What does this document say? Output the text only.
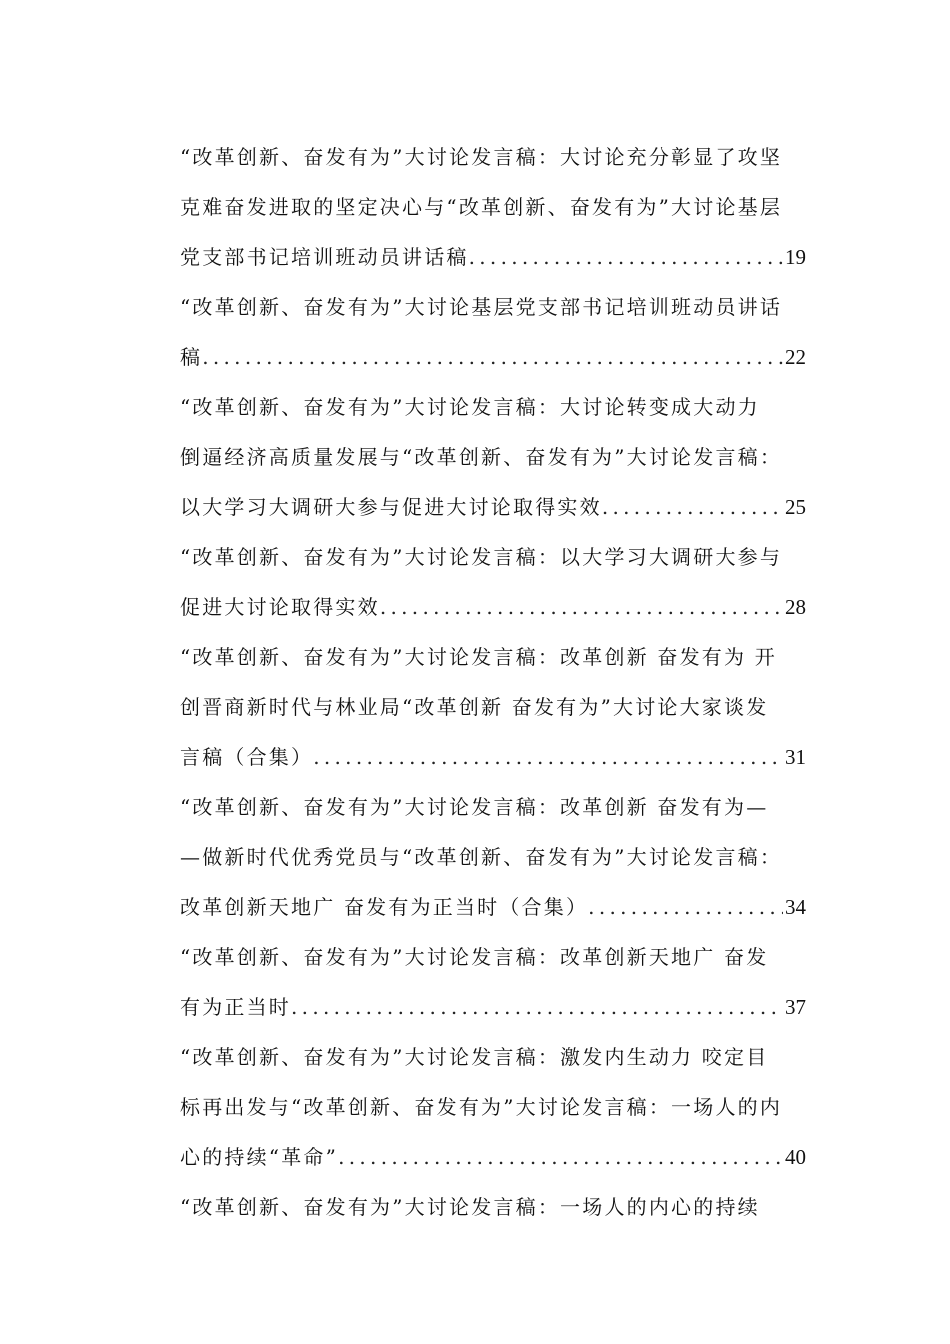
“改革创新、奋发有为”大讨论发言稿：大讨论充分彰显了攻坚
克难奋发进取的坚定决心与“改革创新、奋发有为”大讨论基层
党支部书记培训班动员讲话稿 .....	19
“改革创新、奋发有为”大讨论基层党支部书记培训班动员讲话
稿 .....	22
“改革创新、奋发有为”大讨论发言稿：大讨论转变成大动力
倒逼经济高质量发展与“改革创新、奋发有为”大讨论发言稿：
以大学习大调研大参与促进大讨论取得实效 .....	25
“改革创新、奋发有为”大讨论发言稿：以大学习大调研大参与
促进大讨论取得实效 .....	28
“改革创新、奋发有为”大讨论发言稿：改革创新 奋发有为 开
创晋商新时代与林业局“改革创新 奋发有为”大讨论大家谈发
言稿（合集） .....	31
“改革创新、奋发有为”大讨论发言稿：改革创新 奋发有为—
—做新时代优秀党员与“改革创新、奋发有为”大讨论发言稿：
改革创新天地广 奋发有为正当时（合集） .....	34
“改革创新、奋发有为”大讨论发言稿：改革创新天地广 奋发
有为正当时 .....	37
“改革创新、奋发有为”大讨论发言稿：激发内生动力 咬定目
标再出发与“改革创新、奋发有为”大讨论发言稿：一场人的内
心的持续“革命” .....	40
“改革创新、奋发有为”大讨论发言稿：一场人的内心的持续
